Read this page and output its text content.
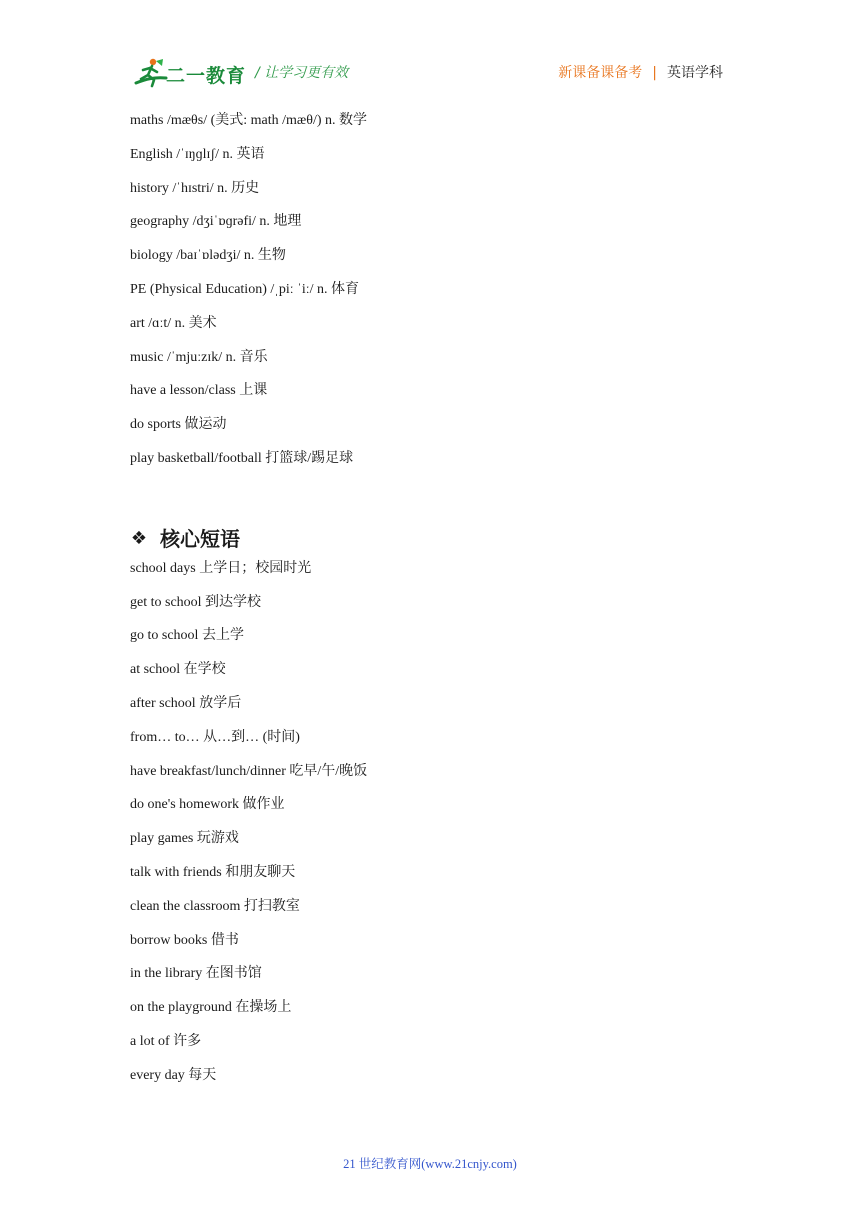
二一教育 / 让学习更有效	新课备课备考 | 英语学科
maths /mæθs/ (美式: math /mæθ/) n. 数学
English /ˈɪŋɡlɪʃ/ n. 英语
history /ˈhɪstri/ n. 历史
geography /dʒiˈɒɡrəfi/ n. 地理
biology /baɪˈɒlədʒi/ n. 生物
PE (Physical Education) /ˌpiː ˈiː/ n. 体育
art /ɑːt/ n. 美术
music /ˈmjuːzɪk/ n. 音乐
have a lesson/class 上课
do sports 做运动
play basketball/football 打篮球/踢足球
❖ 核心短语
school days 上学日；校园时光
get to school 到达学校
go to school 去上学
at school 在学校
after school 放学后
from… to… 从…到… (时间)
have breakfast/lunch/dinner 吃早/午/晚饭
do one's homework 做作业
play games 玩游戏
talk with friends 和朋友聊天
clean the classroom 打扫教室
borrow books 借书
in the library 在图书馆
on the playground 在操场上
a lot of 许多
every day 每天
21 世纪教育网(www.21cnjy.com)
